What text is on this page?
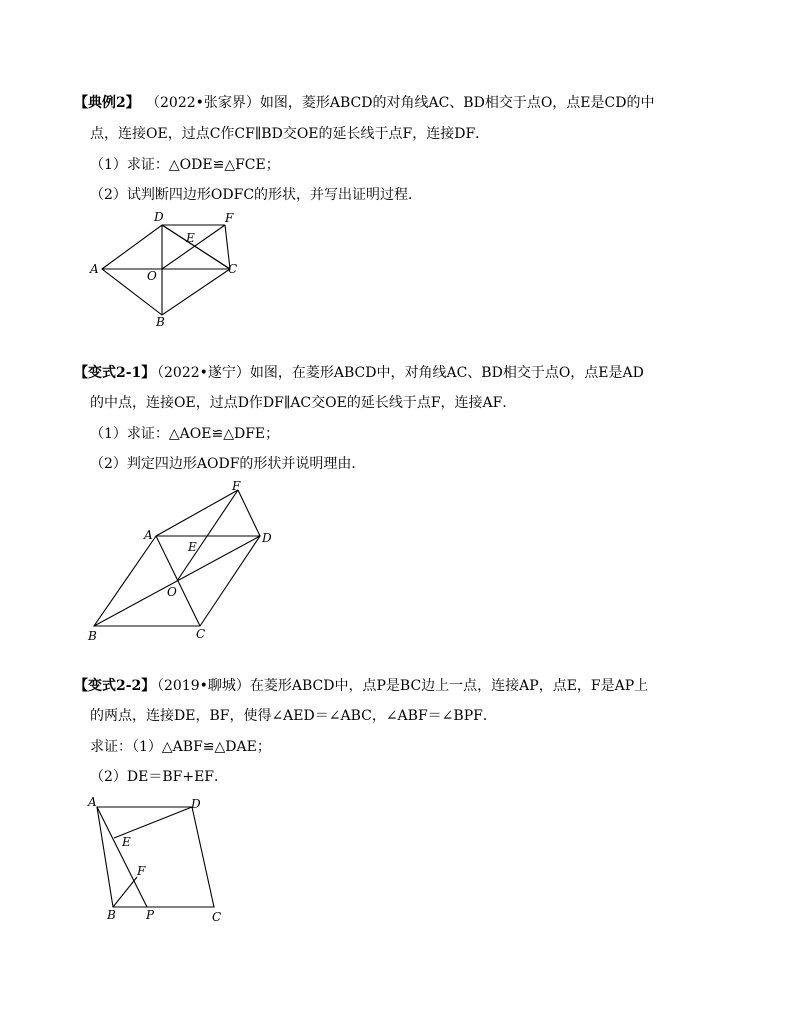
【典例2】 （2022•张家界）如图，菱形ABCD的对角线AC、BD相交于点O，点E是CD的中
点，连接OE，过点C作CF∥BD交OE的延长线于点F，连接DF．
（1）求证：△ODE≌△FCE；
（2）试判断四边形ODFC的形状，并写出证明过程．
A
D	F
E
C
O
B
【变式2-1】
（2022•遂宁）如图，在菱形ABCD中，对角线AC、BD相交于点O，点E是AD
的中点，连接OE，过点D作DF∥AC交OE的延长线于点F，连接AF．
（1）求证：△AOE≌△DFE；
（2）判定四边形AODF的形状并说明理由．
F
A	D
E
O
B	C
【变式2-2】
（2019•聊城）在菱形ABCD中，点P是BC边上一点，连接AP，点E，F是AP上
的两点，连接DE，BF，使得∠AED＝∠ABC，∠ABF＝∠BPF．
求证：（1）△ABF≌△DAE；
（2）DE＝BF+EF．
A	D
E
F
B	P	C
